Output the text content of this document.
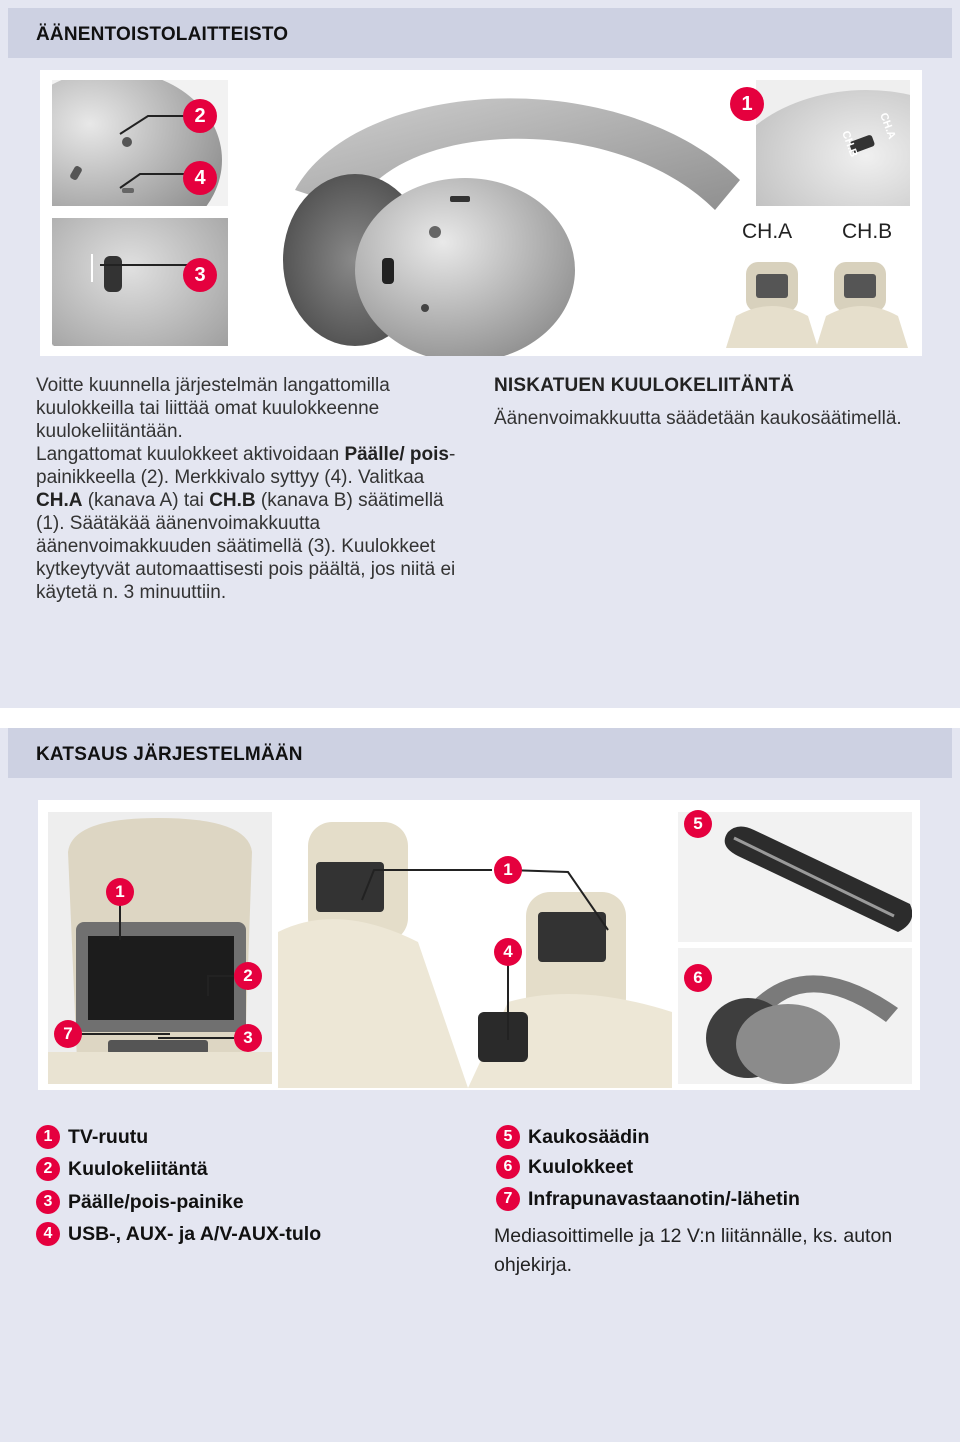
ÄÄNENTOISTOLAITTEISTO
CH.A
CH.B
CH.A CH.B
2
4
3
1
Voitte kuunnella järjestelmän langattomilla kuulokkeilla tai liittää omat kuulokkeenne kuulokeliitäntään.
Langattomat kuulokkeet aktivoidaan Päälle/ pois-painikkeella (2). Merkkivalo syttyy (4). Valitkaa CH.A (kanava A) tai CH.B (kanava B) säätimellä (1). Säätäkää äänenvoimakkuutta äänenvoimakkuuden säätimellä (3). Kuulokkeet kytkeytyvät automaattisesti pois päältä, jos niitä ei käytetä n. 3 minuuttiin.
NISKATUEN KUULOKELIITÄNTÄ
Äänenvoimakkuutta säädetään kaukosäätimellä.
KATSAUS JÄRJESTELMÄÄN
1
2
7	3
1
4
5
6
1 TV-ruutu
2 Kuulokeliitäntä
3 Päälle/pois-painike
4 USB-, AUX- ja A/V-AUX-tulo
5 Kaukosäädin
6 Kuulokkeet
7 Infrapunavastaanotin/-lähetin
Mediasoittimelle ja 12 V:n liitännälle, ks. auton ohjekirja.
